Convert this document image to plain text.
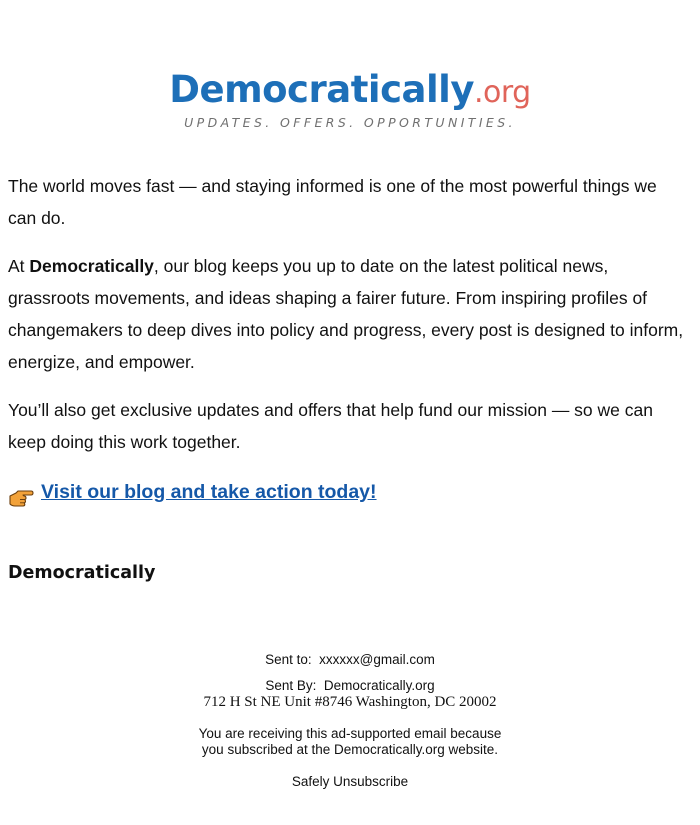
Democratically.org
UPDATES. OFFERS. OPPORTUNITIES.

The world moves fast — and staying informed is one of the most powerful things we can do.

At Democratically, our blog keeps you up to date on the latest political news, grassroots movements, and ideas shaping a fairer future. From inspiring profiles of changemakers to deep dives into policy and progress, every post is designed to inform, energize, and empower.

You’ll also get exclusive updates and offers that help fund our mission — so we can keep doing this work together.

Visit our blog and take action today!
Democratically
Sent to: xxxxxx@gmail.com
Sent By: Democratically.org
712 H St NE Unit #8746 Washington, DC 20002
You are receiving this ad-supported email because
you subscribed at the Democratically.org website.
Safely Unsubscribe
